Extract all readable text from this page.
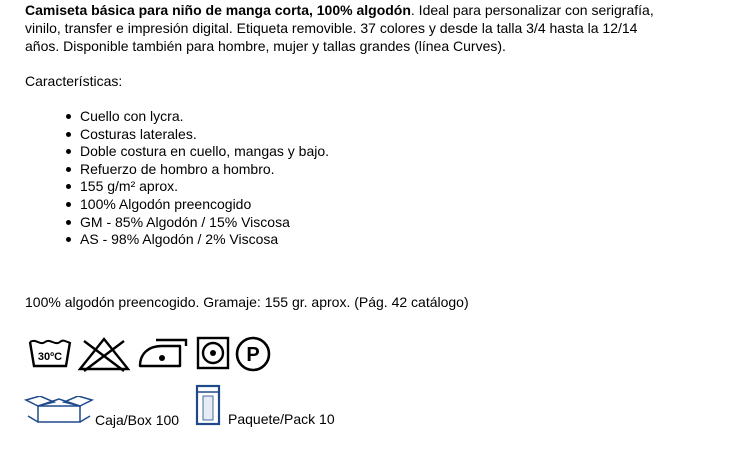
Camiseta básica para niño de manga corta, 100% algodón. Ideal para personalizar con serigrafía, vinilo, transfer e impresión digital. Etiqueta removible. 37 colores y desde la talla 3/4 hasta la 12/14 años. Disponible también para hombre, mujer y tallas grandes (línea Curves).

Características:

Cuello con lycra.
Costuras laterales.
Doble costura en cuello, mangas y bajo.
Refuerzo de hombro a hombro.
155 g/m² aprox.
100% Algodón preencogido
GM - 85% Algodón / 15% Viscosa
AS - 98% Algodón / 2% Viscosa

100% algodón preencogido. Gramaje: 155 gr. aprox. (Pág. 42 catálogo)

30ºC	P
Caja/Box 100	Paquete/Pack 10
